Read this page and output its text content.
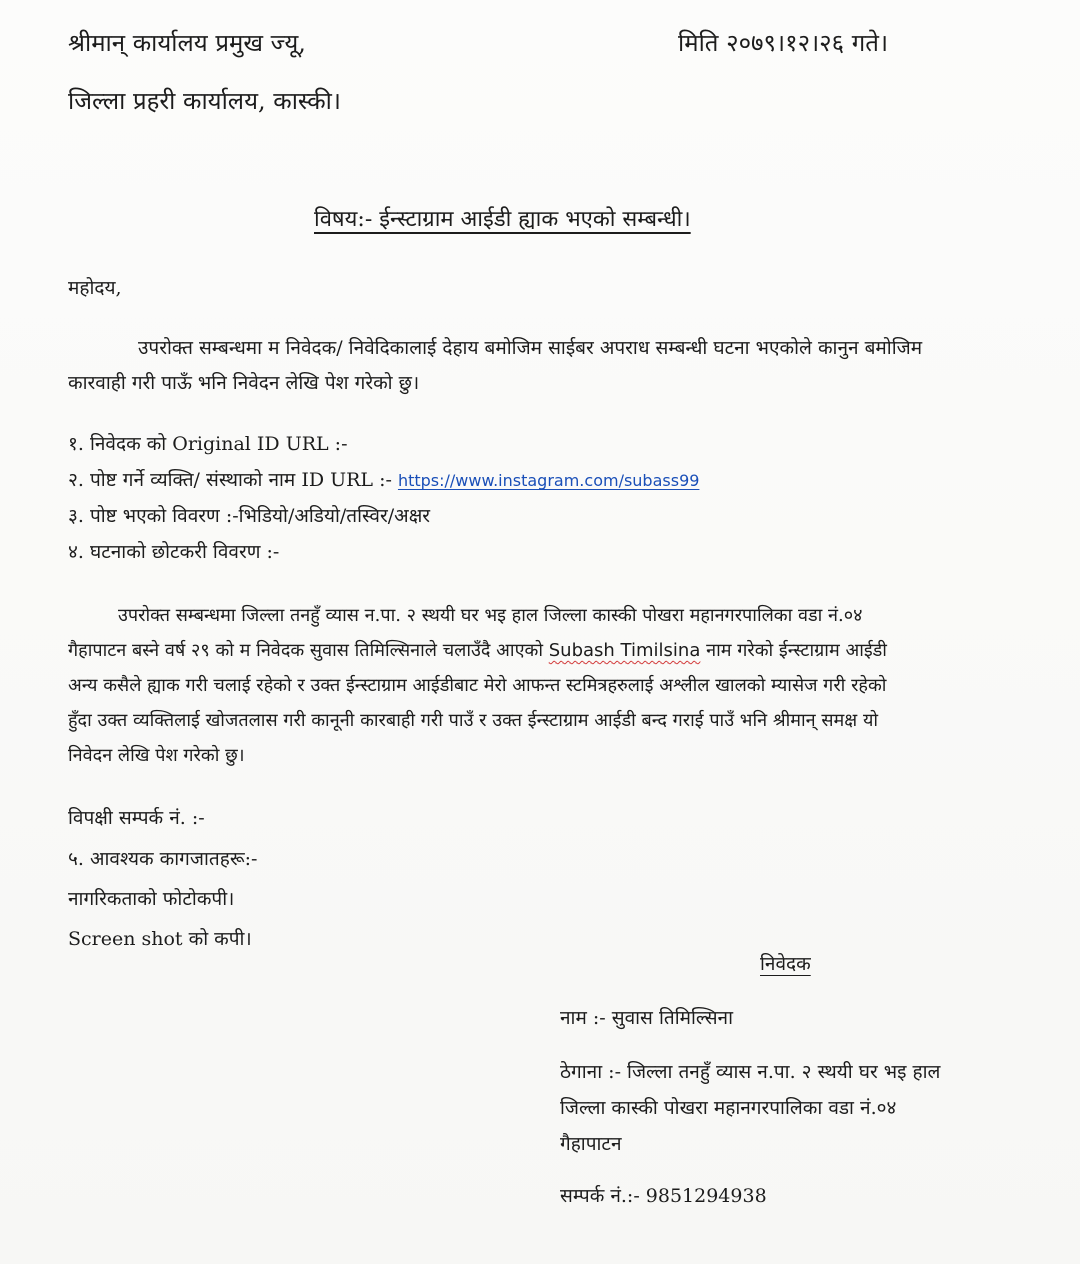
श्रीमान् कार्यालय प्रमुख ज्यू,	मिति २०७९।१२।२६ गते।
जिल्ला प्रहरी कार्यालय, कास्की।
विषय:- ईन्स्टाग्राम आईडी ह्याक भएको सम्बन्धी।
महोदय,

उपरोक्त सम्बन्धमा म निवेदक/ निवेदिकालाई देहाय बमोजिम साईबर अपराध सम्बन्धी घटना भएकोले कानुन बमोजिम

कारवाही गरी पाऊँ भनि निवेदन लेखि पेश गरेको छु।

१. निवेदक को Original ID URL :-
२. पोष्ट गर्ने व्यक्ति/ संस्थाको नाम ID URL :- https://www.instagram.com/subass99
३. पोष्ट भएको विवरण :-भिडियो/अडियो/तस्विर/अक्षर
४. घटनाको छोटकरी विवरण :-

उपरोक्त सम्बन्धमा जिल्ला तनहुँ व्यास न.पा. २ स्थयी घर भइ हाल जिल्ला कास्की पोखरा महानगरपालिका वडा नं.०४

गैहापाटन बस्ने वर्ष २९ को म निवेदक सुवास तिमिल्सिनाले चलाउँदै आएको Subash Timilsina नाम गरेको ईन्स्टाग्राम आईडी

अन्य कसैले ह्याक गरी चलाई रहेको र उक्त ईन्स्टाग्राम आईडीबाट मेरो आफन्त स्टमित्रहरुलाई अश्लील खालको म्यासेज गरी रहेको

हुँदा उक्त व्यक्तिलाई खोजतलास गरी कानूनी कारबाही गरी पाउँ र उक्त ईन्स्टाग्राम आईडी बन्द गराई पाउँ भनि श्रीमान् समक्ष यो

निवेदन लेखि पेश गरेको छु।

विपक्षी सम्पर्क नं. :-
५. आवश्यक कागजातहरू:-
नागरिकताको फोटोकपी।
Screen shot को कपी।
निवेदक
नाम :- सुवास तिमिल्सिना
ठेगाना :- जिल्ला तनहुँ व्यास न.पा. २ स्थयी घर भइ हाल
जिल्ला कास्की पोखरा महानगरपालिका वडा नं.०४
गैहापाटन
सम्पर्क नं.:- 9851294938
